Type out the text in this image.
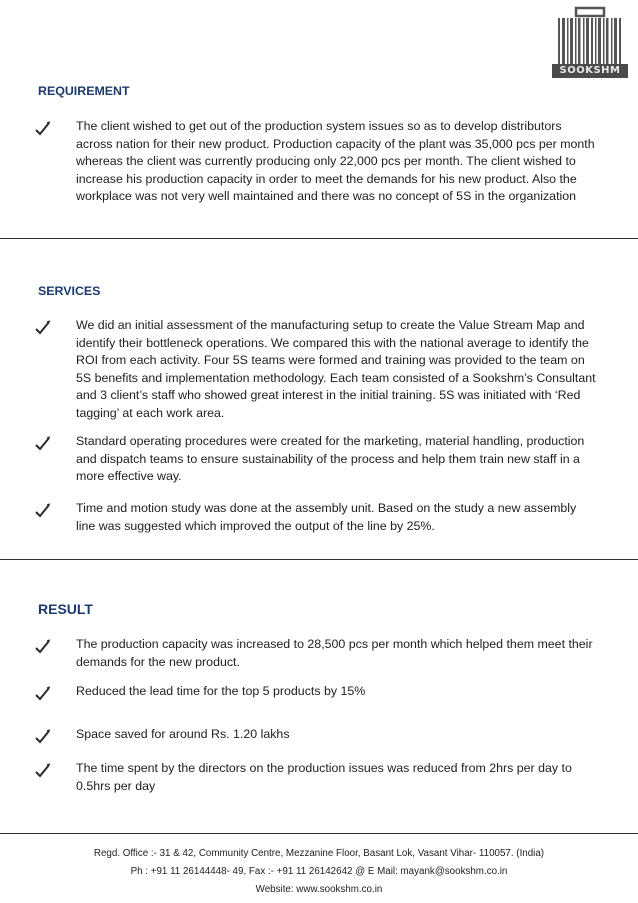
SOOKSHM
REQUIREMENT

The client wished to get out of the production system issues so as to develop distributors across nation for their new product. Production capacity of the plant was 35,000 pcs per month whereas the client was currently producing only 22,000 pcs per month. The client wished to increase his production capacity in order to meet the demands for his new product. Also the workplace was not very well maintained and there was no concept of 5S in the organization

SERVICES

We did an initial assessment of the manufacturing setup to create the Value Stream Map and identify their bottleneck operations. We compared this with the national average to identify the ROI from each activity. Four 5S teams were formed and training was provided to the team on 5S benefits and implementation methodology. Each team consisted of a Sookshm’s Consultant and 3 client’s staff who showed great interest in the initial training. 5S was initiated with ‘Red tagging’ at each work area.

Standard operating procedures were created for the marketing, material handling, production and dispatch teams to ensure sustainability of the process and help them train new staff in a more effective way.

Time and motion study was done at the assembly unit. Based on the study a new assembly line was suggested which improved the output of the line by 25%.

RESULT

The production capacity was increased to 28,500 pcs per month which helped them meet their demands for the new product.

Reduced the lead time for the top 5 products by 15%

Space saved for around Rs. 1.20 lakhs

The time spent by the directors on the production issues was reduced from 2hrs per day to 0.5hrs per day

Regd. Office :- 31 & 42, Community Centre, Mezzanine Floor, Basant Lok, Vasant Vihar- 110057. (India)
Ph : +91 11 26144448- 49, Fax :- +91 11 26142642 @ E Mail: mayank@sookshm.co.in
Website: www.sookshm.co.in
